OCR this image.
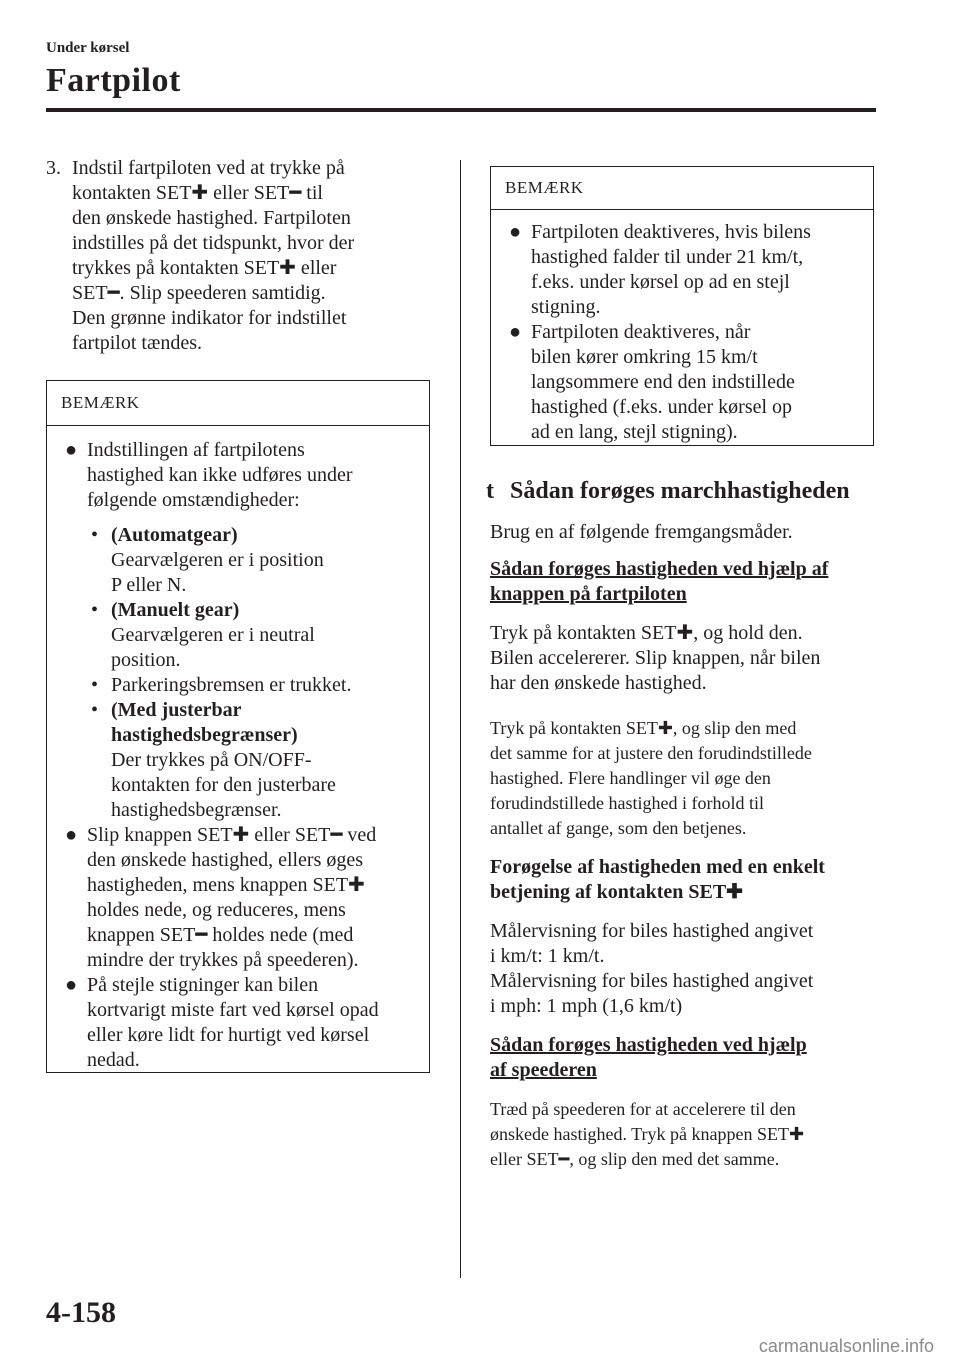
Under kørsel
Fartpilot
3. Indstil fartpiloten ved at trykke på
kontakten SET✚ eller SET━ til
den ønskede hastighed. Fartpiloten
indstilles på det tidspunkt, hvor der
trykkes på kontakten SET✚ eller
SET━. Slip speederen samtidig.
Den grønne indikator for indstillet
fartpilot tændes.
BEMÆRK
● Indstillingen af fartpilotens
hastighed kan ikke udføres under
følgende omstændigheder:
• (Automatgear)
Gearvælgeren er i position
P eller N.
• (Manuelt gear)
Gearvælgeren er i neutral
position.
• Parkeringsbremsen er trukket.
• (Med justerbar
hastighedsbegrænser)
Der trykkes på ON/OFF-
kontakten for den justerbare
hastighedsbegrænser.
● Slip knappen SET✚ eller SET━ ved
den ønskede hastighed, ellers øges
hastigheden, mens knappen SET✚
holdes nede, og reduceres, mens
knappen SET━ holdes nede (med
mindre der trykkes på speederen).
● På stejle stigninger kan bilen
kortvarigt miste fart ved kørsel opad
eller køre lidt for hurtigt ved kørsel
nedad.
BEMÆRK
● Fartpiloten deaktiveres, hvis bilens
hastighed falder til under 21 km/t,
f.eks. under kørsel op ad en stejl
stigning.
● Fartpiloten deaktiveres, når
bilen kører omkring 15 km/t
langsommere end den indstillede
hastighed (f.eks. under kørsel op
ad en lang, stejl stigning).
t Sådan forøges marchhastigheden

Brug en af følgende fremgangsmåder.

Sådan forøges hastigheden ved hjælp af
knappen på fartpiloten
Tryk på kontakten SET✚, og hold den.
Bilen accelererer. Slip knappen, når bilen
har den ønskede hastighed.
Tryk på kontakten SET✚, og slip den med
det samme for at justere den forudindstillede
hastighed. Flere handlinger vil øge den
forudindstillede hastighed i forhold til
antallet af gange, som den betjenes.
Forøgelse af hastigheden med en enkelt
betjening af kontakten SET✚
Målervisning for biles hastighed angivet
i km/t: 1 km/t.
Målervisning for biles hastighed angivet
i mph: 1 mph (1,6 km/t)
Sådan forøges hastigheden ved hjælp
af speederen
Træd på speederen for at accelerere til den
ønskede hastighed. Tryk på knappen SET✚
eller SET━, og slip den med det samme.
4-158
carmanualsonline.info
